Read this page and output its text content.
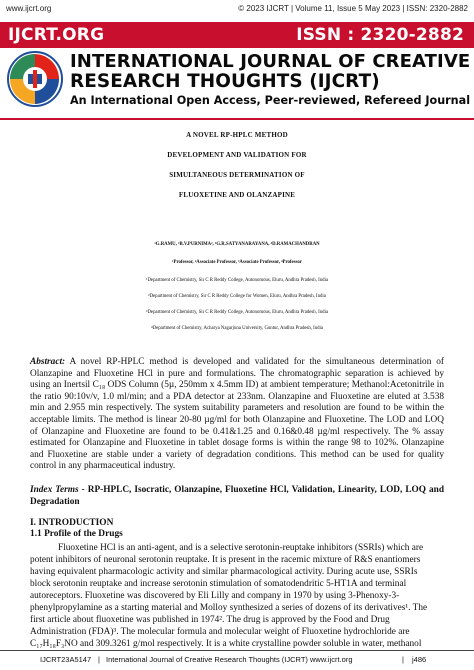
www.ijcrt.org	© 2023 IJCRT | Volume 11, Issue 5 May 2023 | ISSN: 2320-2882
IJCRT.ORG	ISSN : 2320-2882
INTERNATIONAL JOURNAL OF CREATIVE
RESEARCH THOUGHTS (IJCRT)
An International Open Access, Peer-reviewed, Refereed Journal
A NOVEL RP-HPLC METHOD
DEVELOPMENT AND VALIDATION FOR
SIMULTANEOUS DETERMINATION OF
FLUOXETINE AND OLANZAPINE
¹G.RAMU, ²B.V.PURNIMA², ³G.R.SATYANARAYANA, ⁴D.RAMACHANDRAN
¹Professor, ²Associate Professor, ³Associate Professor, ⁴Professor
¹Department of Chemistry, Sir C R Reddy College, Autonomous, Eluru, Andhra Pradesh, India
²Department of Chemistry, Sir C R Reddy College for Women, Eluru, Andhra Pradesh, India
³Department of Chemistry, Sir C R Reddy College, Autonomous, Eluru, Andhra Pradesh, India
⁴Department of Chemistry, Acharya Nagarjuna University, Guntur, Andhra Pradesh, India
Abstract: A novel RP-HPLC method is developed and validated for the simultaneous determination of Olanzapine and Fluoxetine HCl in pure and formulations. The chromatographic separation is achieved by using an Inertsil C₁₈ ODS Column (5µ, 250mm x 4.5mm ID) at ambient temperature; Methanol:Acetonitrile in the ratio 90:10v/v, 1.0 ml/min; and a PDA detector at 233nm. Olanzapine and Fluoxetine are eluted at 3.538 min and 2.955 min respectively. The system suitability parameters and resolution are found to be within the acceptable limits. The method is linear 20-80 µg/ml for both Olanzapine and Fluoxetine. The LOD and LOQ of Olanzapine and Fluoxetine are found to be 0.41&1.25 and 0.16&0.48 µg/ml respectively. The % assay estimated for Olanzapine and Fluoxetine in tablet dosage forms is within the range 98 to 102%. Olanzapine and Fluoxetine are stable under a variety of degradation conditions. This method can be used for quality control in any pharmaceutical industry.
Index Terms - RP-HPLC, Isocratic, Olanzapine, Fluoxetine HCl, Validation, Linearity, LOD, LOQ and Degradation
I. INTRODUCTION
1.1 Profile of the Drugs
Fluoxetine HCl is an anti-agent, and is a selective serotonin-reuptake inhibitors (SSRIs) which are
potent inhibitors of neuronal serotonin reuptake. It is present in the racemic mixture of R&S enantiomers
having equivalent pharmacologic activity and similar pharmacological activity. During acute use, SSRIs
block serotonin reuptake and increase serotonin stimulation of somatodendritic 5-HT1A and terminal
autoreceptors. Fluoxetine was discovered by Eli Lilly and company in 1970 by using 3-Phenoxy-3-
phenylpropylamine as a starting material and Molloy synthesized a series of dozens of its derivatives¹. The
first article about fluoxetine was published in 1974². The drug is approved by the Food and Drug
Administration (FDA)³. The molecular formula and molecular weight of Fluoxetine hydrochloride are
C₁₇H₁₈F₃NO and 309.3261 g/mol respectively. It is a white crystalline powder soluble in water, methanol
IJCRT23A5147 | International Journal of Creative Research Thoughts (IJCRT) www.ijcrt.org	| j486
